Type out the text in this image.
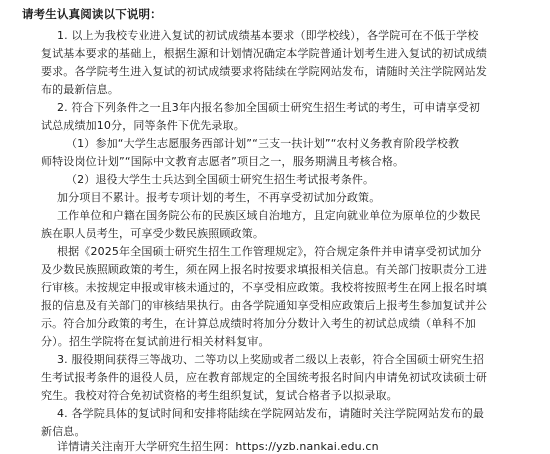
请考生认真阅读以下说明：
1. 以上为我校专业进入复试的初试成绩基本要求（即学校线），各学院可在不低于学校
复试基本要求的基础上，根据生源和计划情况确定本学院普通计划考生进入复试的初试成绩
要求。各学院考生进入复试的初试成绩要求将陆续在学院网站发布，请随时关注学院网站发
布的最新信息。
2. 符合下列条件之一且3年内报名参加全国硕士研究生招生考试的考生，可申请享受初
试总成绩加10分，同等条件下优先录取。
（1）参加“大学生志愿服务西部计划”“三支一扶计划”“农村义务教育阶段学校教
师特设岗位计划”“国际中文教育志愿者”项目之一，服务期满且考核合格。
（2）退役大学生士兵达到全国硕士研究生招生考试报考条件。
加分项目不累计。报考专项计划的考生，不再享受初试加分政策。
工作单位和户籍在国务院公布的民族区域自治地方，且定向就业单位为原单位的少数民
族在职人员考生，可享受少数民族照顾政策。
根据《2025年全国硕士研究生招生工作管理规定》，符合规定条件并申请享受初试加分
及少数民族照顾政策的考生，须在网上报名时按要求填报相关信息。有关部门按职责分工进
行审核。未按规定申报或审核未通过的，不享受相应政策。我校将按照考生在网上报名时填
报的信息及有关部门的审核结果执行。由各学院通知享受相应政策后上报考生参加复试并公
示。符合加分政策的考生，在计算总成绩时将加分分数计入考生的初试总成绩（单科不加
分）。招生学院将在复试前进行相关材料复审。
3. 服役期间获得三等战功、二等功以上奖励或者二级以上表彰，符合全国硕士研究生招
生考试报考条件的退役人员，应在教育部规定的全国统考报名时间内申请免初试攻读硕士研
究生。我校对符合免初试资格的考生组织复试，复试合格者予以拟录取。
4. 各学院具体的复试时间和安排将陆续在学院网站发布，请随时关注学院网站发布的最
新信息。
详情请关注南开大学研究生招生网：https://yzb.nankai.edu.cn
